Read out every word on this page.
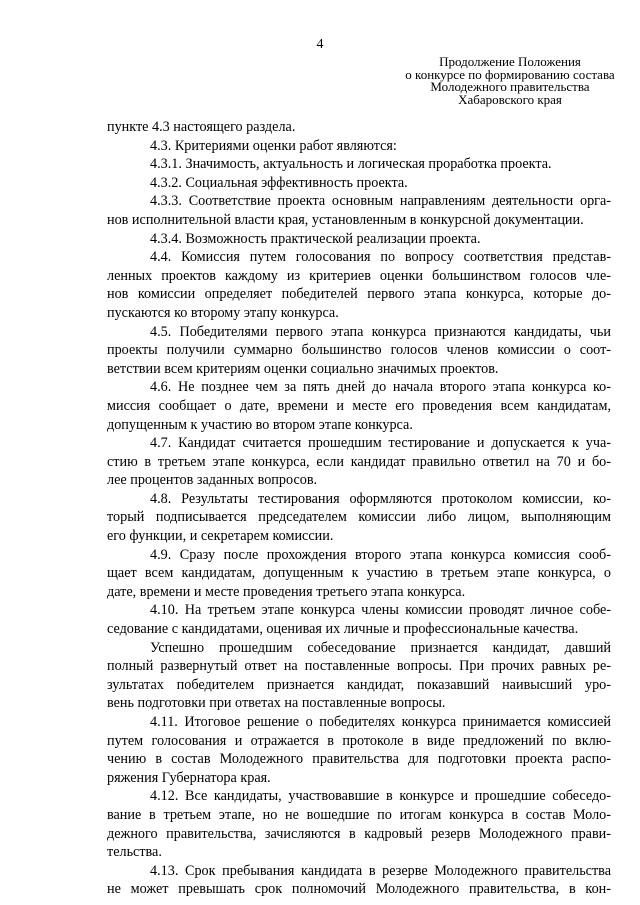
4
Продолжение Положения
о конкурсе по формированию состава
Молодежного правительства
Хабаровского края
пункте 4.3 настоящего раздела.
4.3. Критериями оценки работ являются:
4.3.1. Значимость, актуальность и логическая проработка проекта.
4.3.2. Социальная эффективность проекта.
4.3.3. Соответствие проекта основным направлениям деятельности орга-
нов исполнительной власти края, установленным в конкурсной документации.
4.3.4. Возможность практической реализации проекта.
4.4. Комиссия путем голосования по вопросу соответствия представ-
ленных проектов каждому из критериев оценки большинством голосов чле-
нов комиссии определяет победителей первого этапа конкурса, которые до-
пускаются ко второму этапу конкурса.
4.5. Победителями первого этапа конкурса признаются кандидаты, чьи
проекты получили суммарно большинство голосов членов комиссии о соот-
ветствии всем критериям оценки социально значимых проектов.
4.6. Не позднее чем за пять дней до начала второго этапа конкурса ко-
миссия сообщает о дате, времени и месте его проведения всем кандидатам,
допущенным к участию во втором этапе конкурса.
4.7. Кандидат считается прошедшим тестирование и допускается к уча-
стию в третьем этапе конкурса, если кандидат правильно ответил на 70 и бо-
лее процентов заданных вопросов.
4.8. Результаты тестирования оформляются протоколом комиссии, ко-
торый подписывается председателем комиссии либо лицом, выполняющим
его функции, и секретарем комиссии.
4.9. Сразу после прохождения второго этапа конкурса комиссия сооб-
щает всем кандидатам, допущенным к участию в третьем этапе конкурса, о
дате, времени и месте проведения третьего этапа конкурса.
4.10. На третьем этапе конкурса члены комиссии проводят личное собе-
седование с кандидатами, оценивая их личные и профессиональные качества.
Успешно прошедшим собеседование признается кандидат, давший
полный развернутый ответ на поставленные вопросы. При прочих равных ре-
зультатах победителем признается кандидат, показавший наивысший уро-
вень подготовки при ответах на поставленные вопросы.
4.11. Итоговое решение о победителях конкурса принимается комиссией
путем голосования и отражается в протоколе в виде предложений по вклю-
чению в состав Молодежного правительства для подготовки проекта распо-
ряжения Губернатора края.
4.12. Все кандидаты, участвовавшие в конкурсе и прошедшие собеседо-
вание в третьем этапе, но не вошедшие по итогам конкурса в состав Моло-
дежного правительства, зачисляются в кадровый резерв Молодежного прави-
тельства.
4.13. Срок пребывания кандидата в резерве Молодежного правительства
не может превышать срок полномочий Молодежного правительства, в кон-
